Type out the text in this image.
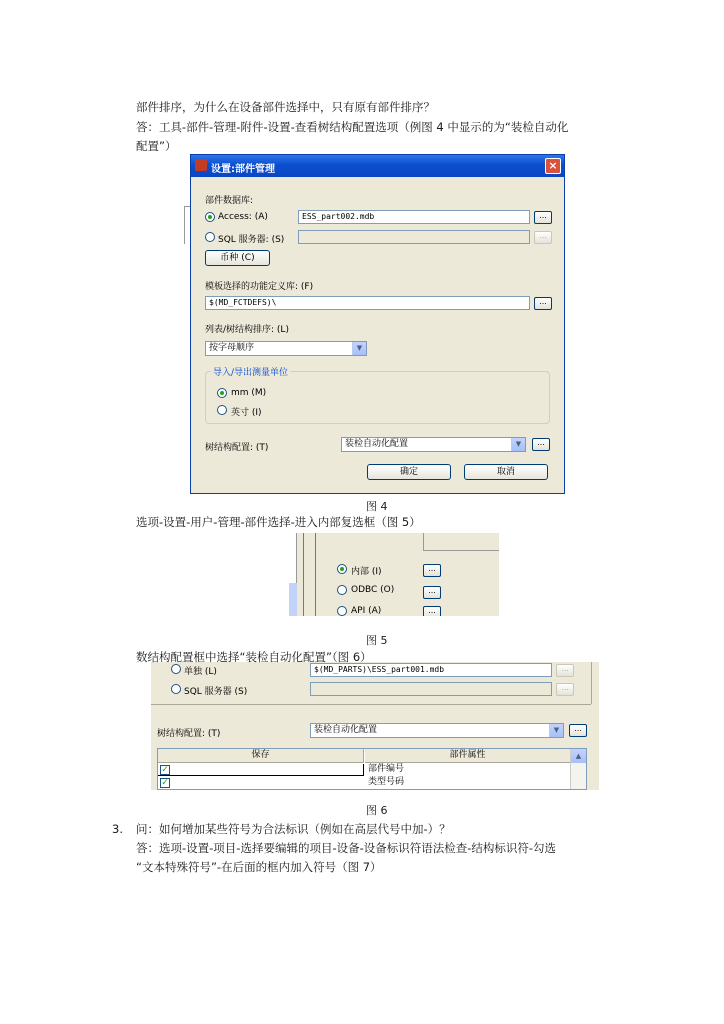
部件排序，为什么在设备部件选择中，只有原有部件排序？
答：工具-部件-管理-附件-设置-查看树结构配置选项（例图 4 中显示的为“装检自动化
配置”）
设置:部件管理	×
部件数据库:
Access: (A)	ESS_part002.mdb	...
SQL 服务器: (S)	...
币种 (C)
模板选择的功能定义库: (F)
$(MD_FCTDEFS)\	...
列表/树结构排序: (L)
按字母顺序	▼
导入/导出测量单位
mm (M)
英寸 (I)
树结构配置: (T)	装检自动化配置	▼	...
确定	取消
图 4
选项-设置-用户-管理-部件选择-进入内部复选框（图 5）
内部 (I)	...
ODBC (O)	...
API (A)	...
图 5
单独 (L)	$(MD_PARTS)\ESS_part001.mdb	...
SQL 服务器 (S)	...
树结构配置: (T)	装检自动化配置	▼	...
保存	部件属性
✓	部件编号
✓	类型号码
▲
数结构配置框中选择“装检自动化配置”（图 6）
图 6
3. 问：如何增加某些符号为合法标识（例如在高层代号中加-）？
答：选项-设置-项目-选择要编辑的项目-设备-设备标识符语法检查-结构标识符-勾选
“文本特殊符号”-在后面的框内加入符号（图 7）
